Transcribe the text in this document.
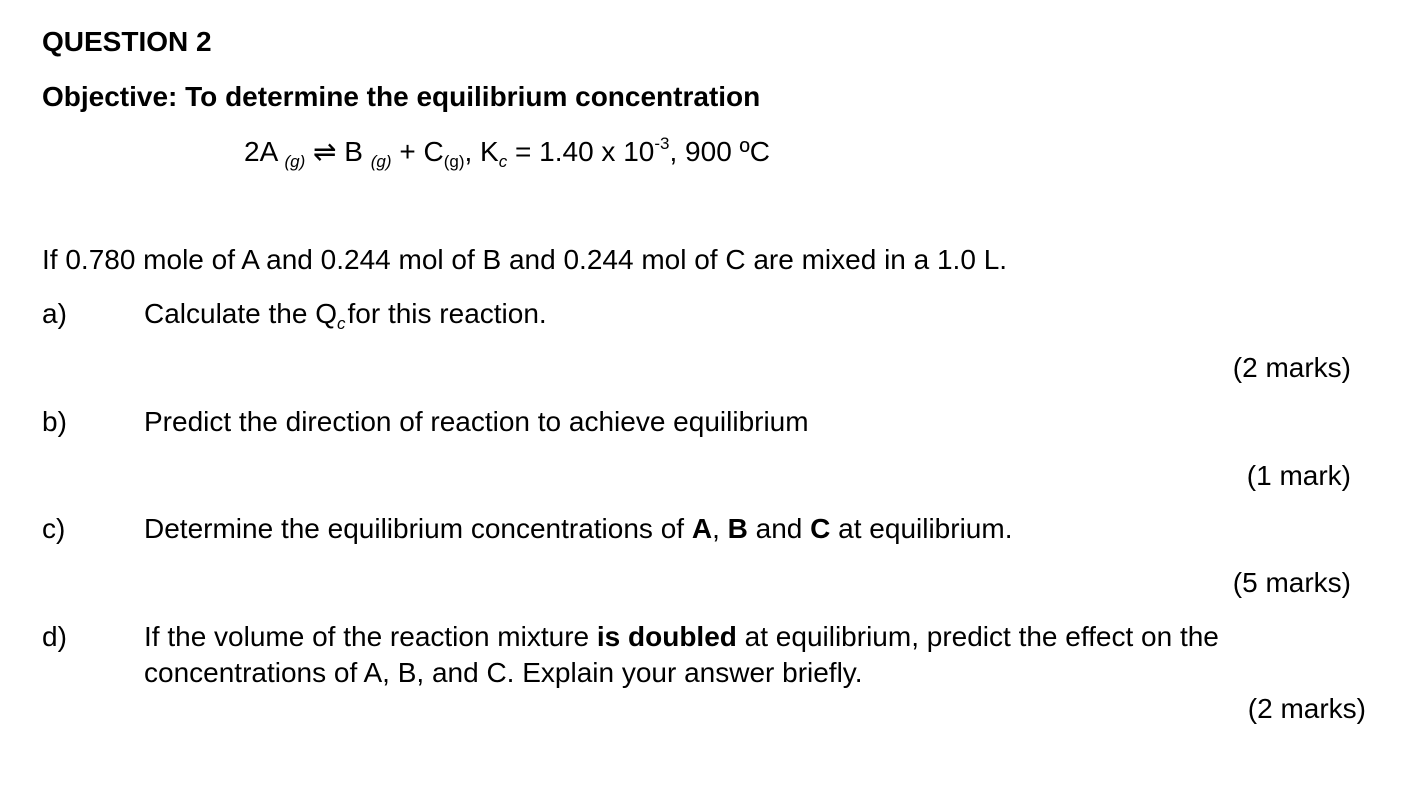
QUESTION 2
Objective: To determine the equilibrium concentration
2A $_{(g)}$ ⇌ B $_{(g)} + C_{(g)}$, $K_c = 1.40$ x $10^{-3}$, 900 ºC
If 0.780 mole of A and 0.244 mol of B and 0.244 mol of C are mixed in a 1.0 L.
a)	Calculate the $Q_cfor$ this reaction.
(2 marks)
b)	Predict the direction of reaction to achieve equilibrium
(1 mark)
c)	Determine the equilibrium concentrations of A, B and C at equilibrium.
(5 marks)
d)	If the volume of the reaction mixture is doubled at equilibrium, predict the effect on the
concentrations of A, B, and C. Explain your answer briefly.
(2 marks)
